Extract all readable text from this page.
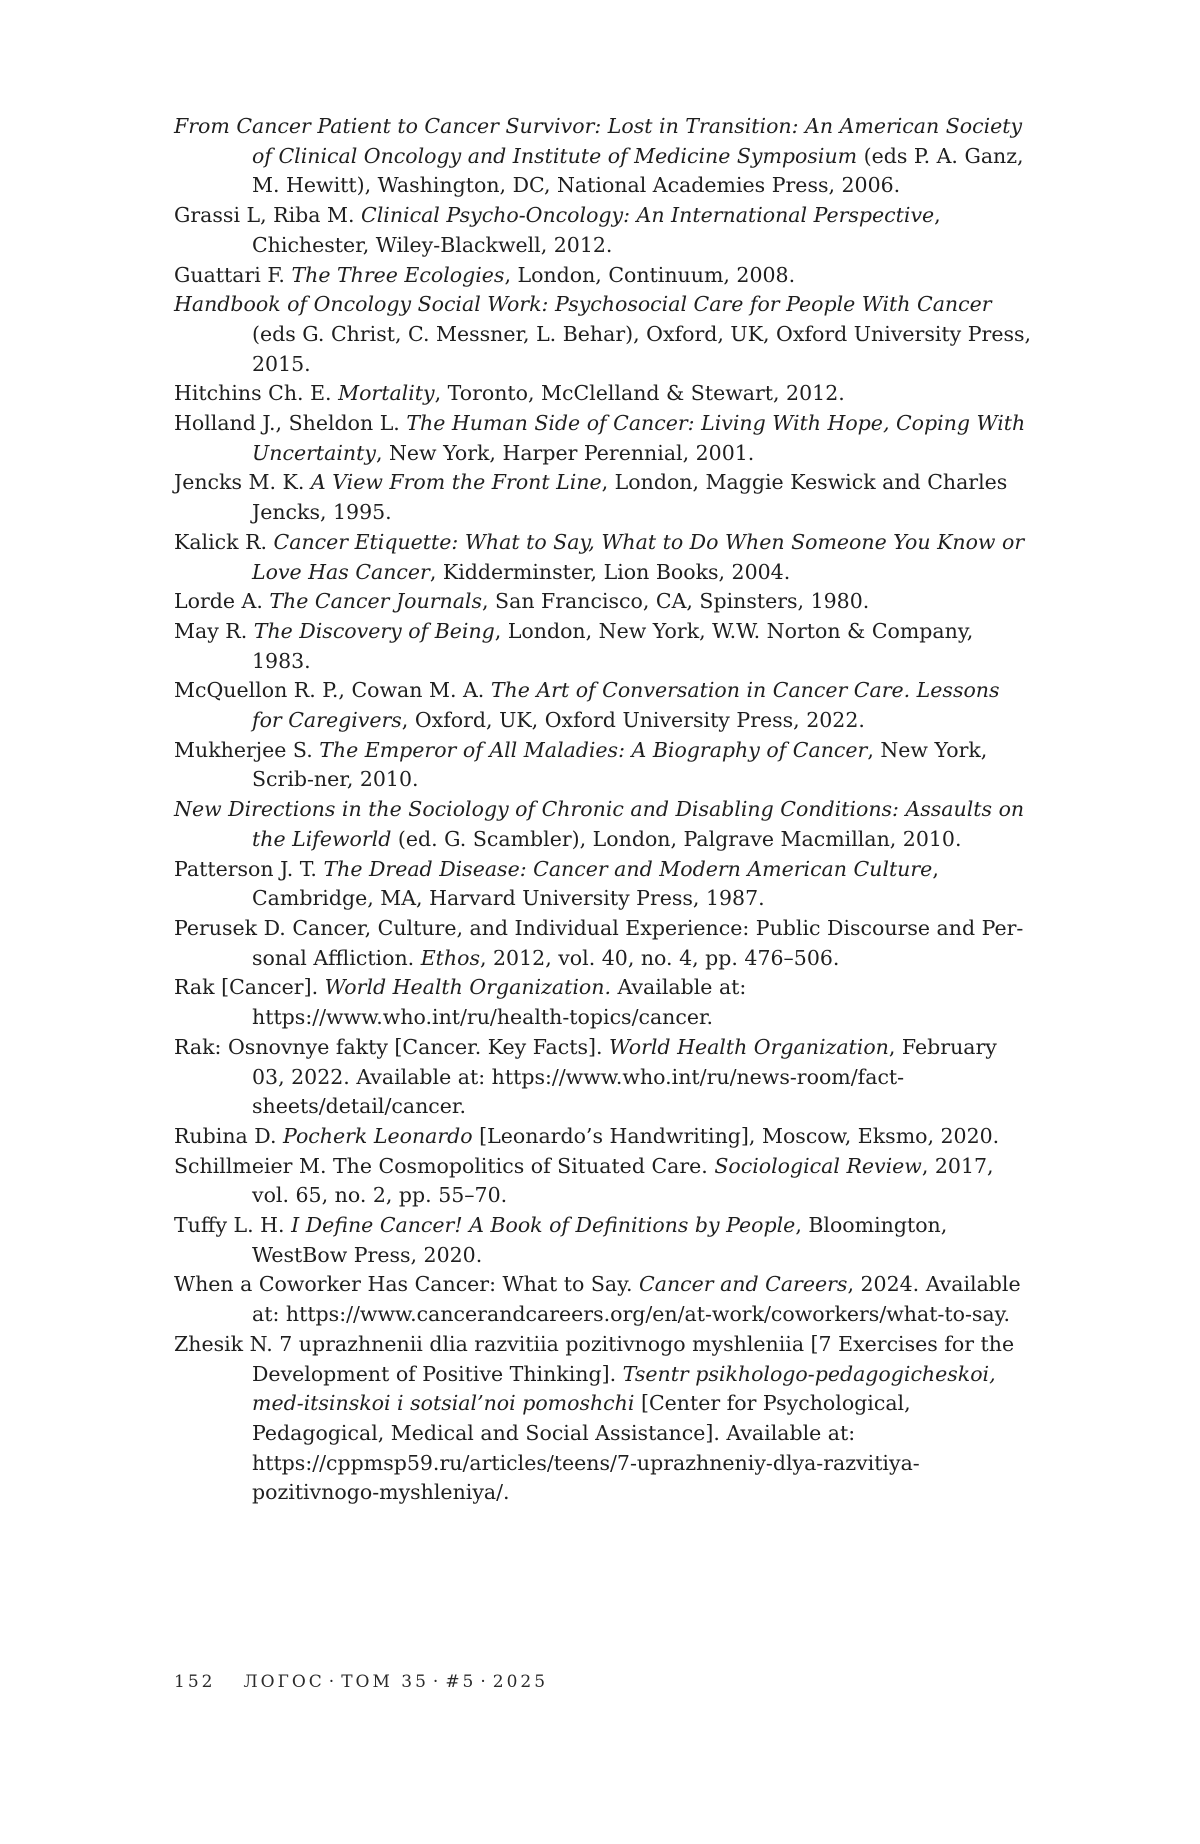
From Cancer Patient to Cancer Survivor: Lost in Transition: An American Society of Clinical Oncology and Institute of Medicine Symposium (eds P. A. Ganz, M. Hewitt), Washington, DC, National Academies Press, 2006.
Grassi L, Riba M. Clinical Psycho-Oncology: An International Perspective, Chichester, Wiley-Blackwell, 2012.
Guattari F. The Three Ecologies, London, Continuum, 2008.
Handbook of Oncology Social Work: Psychosocial Care for People With Cancer (eds G. Christ, C. Messner, L. Behar), Oxford, UK, Oxford University Press, 2015.
Hitchins Ch. E. Mortality, Toronto, McClelland & Stewart, 2012.
Holland J., Sheldon L. The Human Side of Cancer: Living With Hope, Coping With Uncertainty, New York, Harper Perennial, 2001.
Jencks M. K. A View From the Front Line, London, Maggie Keswick and Charles Jencks, 1995.
Kalick R. Cancer Etiquette: What to Say, What to Do When Someone You Know or Love Has Cancer, Kidderminster, Lion Books, 2004.
Lorde A. The Cancer Journals, San Francisco, CA, Spinsters, 1980.
May R. The Discovery of Being, London, New York, W.W. Norton & Company, 1983.
McQuellon R. P., Cowan M. A. The Art of Conversation in Cancer Care. Lessons for Caregivers, Oxford, UK, Oxford University Press, 2022.
Mukherjee S. The Emperor of All Maladies: A Biography of Cancer, New York, Scrib-ner, 2010.
New Directions in the Sociology of Chronic and Disabling Conditions: Assaults on the Lifeworld (ed. G. Scambler), London, Palgrave Macmillan, 2010.
Patterson J. T. The Dread Disease: Cancer and Modern American Culture, Cambridge, MA, Harvard University Press, 1987.
Perusek D. Cancer, Culture, and Individual Experience: Public Discourse and Per-sonal Affliction. Ethos, 2012, vol. 40, no. 4, pp. 476–506.
Rak [Cancer]. World Health Organization. Available at: https://www.who.int/ru/health-topics/cancer.
Rak: Osnovnye fakty [Cancer. Key Facts]. World Health Organization, February 03, 2022. Available at: https://www.who.int/ru/news-room/fact-sheets/detail/cancer.
Rubina D. Pocherk Leonardo [Leonardo’s Handwriting], Moscow, Eksmo, 2020.
Schillmeier M. The Cosmopolitics of Situated Care. Sociological Review, 2017, vol. 65, no. 2, pp. 55–70.
Tuffy L. H. I Define Cancer! A Book of Definitions by People, Bloomington, WestBow Press, 2020.
When a Coworker Has Cancer: What to Say. Cancer and Careers, 2024. Available at: https://www.cancerandcareers.org/en/at-work/coworkers/what-to-say.
Zhesik N. 7 uprazhnenii dlia razvitiia pozitivnogo myshleniia [7 Exercises for the Development of Positive Thinking]. Tsentr psikhologo-pedagogicheskoi, med-itsinskoi i sotsial’noi pomoshchi [Center for Psychological, Pedagogical, Medical and Social Assistance]. Available at: https://cppmsp59.ru/articles/teens/7-uprazhneniy-dlya-razvitiya-pozitivnogo-myshleniya/.
152 ЛОГОС · ТОМ 35 · #5 · 2025
